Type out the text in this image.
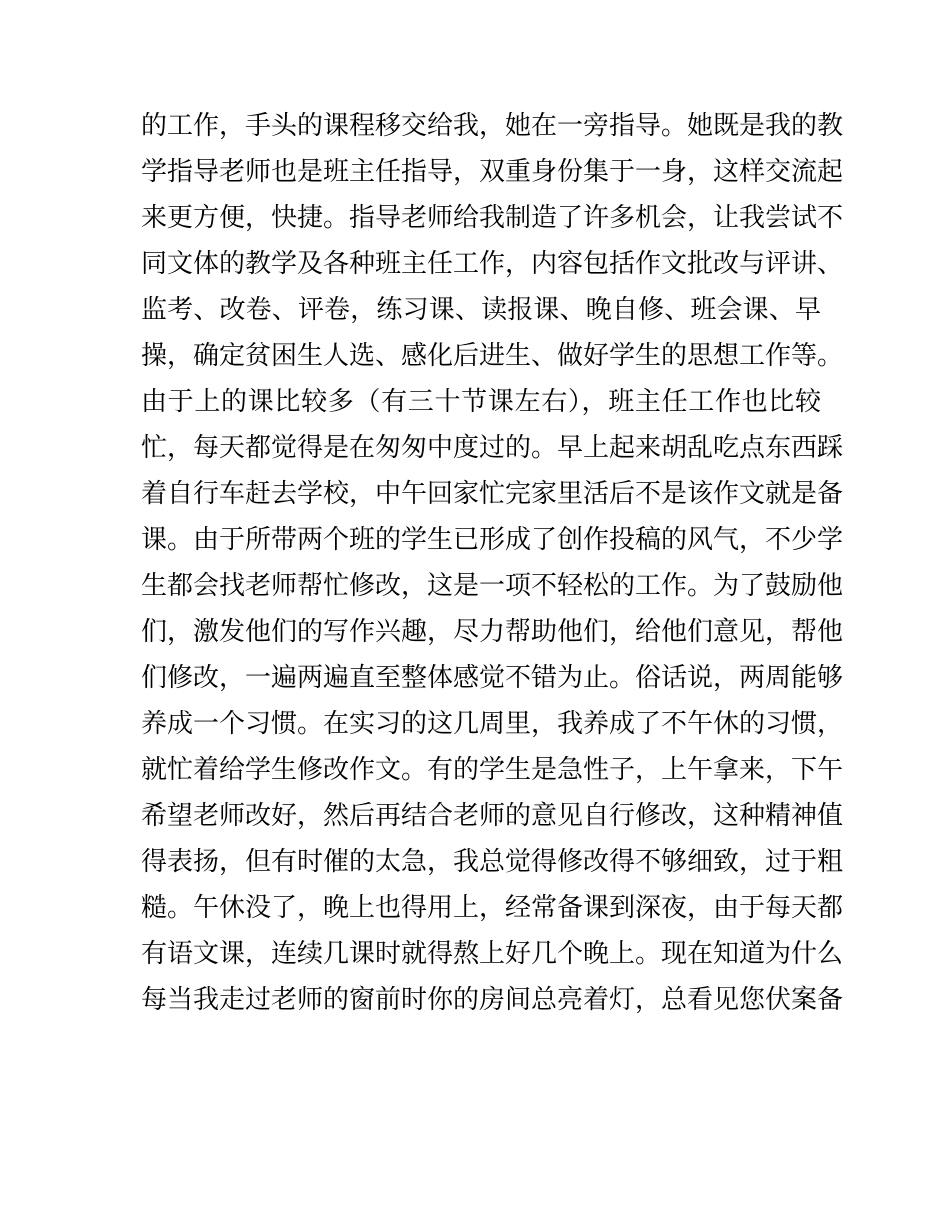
的工作，手头的课程移交给我，她在一旁指导。她既是我的教
学指导老师也是班主任指导，双重身份集于一身，这样交流起
来更方便，快捷。指导老师给我制造了许多机会，让我尝试不
同文体的教学及各种班主任工作，内容包括作文批改与评讲、
监考、改卷、评卷，练习课、读报课、晚自修、班会课、早
操，确定贫困生人选、感化后进生、做好学生的思想工作等。
由于上的课比较多（有三十节课左右），班主任工作也比较
忙，每天都觉得是在匆匆中度过的。早上起来胡乱吃点东西踩
着自行车赶去学校，中午回家忙完家里活后不是该作文就是备
课。由于所带两个班的学生已形成了创作投稿的风气，不少学
生都会找老师帮忙修改，这是一项不轻松的工作。为了鼓励他
们，激发他们的写作兴趣，尽力帮助他们，给他们意见，帮他
们修改，一遍两遍直至整体感觉不错为止。俗话说，两周能够
养成一个习惯。在实习的这几周里，我养成了不午休的习惯，
就忙着给学生修改作文。有的学生是急性子，上午拿来，下午
希望老师改好，然后再结合老师的意见自行修改，这种精神值
得表扬，但有时催的太急，我总觉得修改得不够细致，过于粗
糙。午休没了，晚上也得用上，经常备课到深夜，由于每天都
有语文课，连续几课时就得熬上好几个晚上。现在知道为什么
每当我走过老师的窗前时你的房间总亮着灯，总看见您伏案备
